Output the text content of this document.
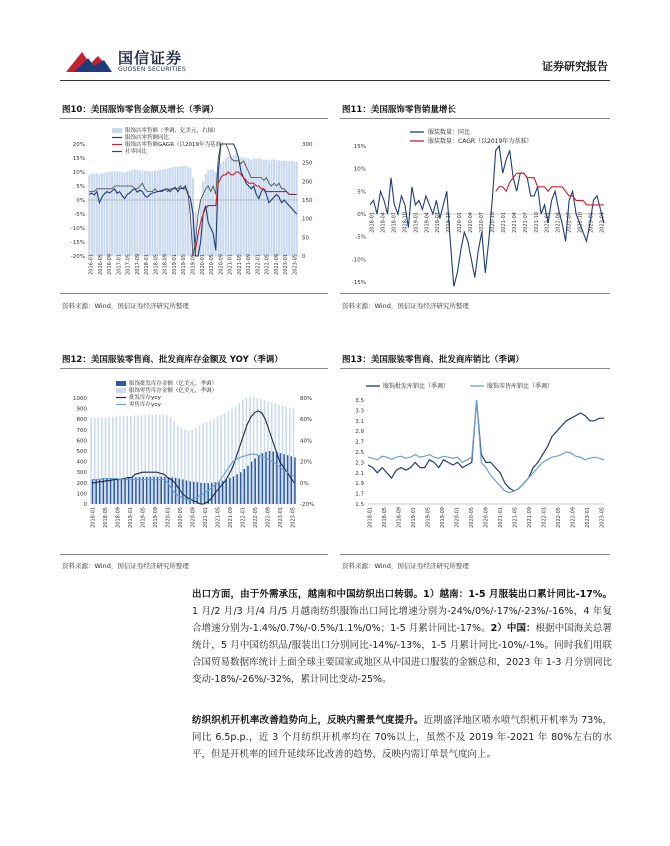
国信证券
GUOSEN SECURITIES	证券研究报告
图10：美国服饰零售金额及增长（季调）
20%
15%
10%
5%
0%
-5%
-10%
-15%
-20%
300
250
200
150
100
50
0
2016-01 2016-05 2016-09 2017-01 2017-05 2017-09 2018-01 2018-05 2018-09 2019-01 2019-05 2019-09 2020-01 2020-05 2020-09 2021-01 2021-05 2021-09 2022-01 2022-05 2022-09 2023-01 2023-05
服饰店零售额（季调，亿美元，右轴）
服饰店零售额同比
服饰店零售额GAGR（以2019年为基准）
社零同比
资料来源：Wind，国信证券经济研究所整理
图11：美国服饰零售销量增长
15%
10%
5%
0%
-5%
-10%
-15%
2018-01 2018-04 2018-07 2018-10 2019-01 2019-04 2019-07 2019-10 2020-01 2020-04 2020-07 2020-10 2021-01 2021-04 2021-07 2021-10 2022-01 2022-04 2022-07 2022-10 2023-01 2023-04
服装数量：同比
服装数量：CAGR（以2019年为基准）
资料来源：Wind，国信证券经济研究所整理
图12：美国服装零售商、批发商库存金额及 YOY（季调）
1000
900
800
700
600
500
400
300
200
100
0
80%
60%
40%
20%
0%
-20%
2018-01 2018-05 2018-09 2019-01 2019-05 2019-09 2020-01 2020-05 2020-09 2021-01 2021-05 2021-09 2022-01 2022-05 2022-09 2023-01 2023-05
服饰批发库存金额（亿美元，季调）
服饰零售库存金额（亿美元，季调）
批发库存yoy
零售库存yoy
资料来源：Wind，国信证券经济研究所整理
图13：美国服装零售商、批发商库销比（季调）
3.5
3.3
3.1
2.9
2.7
2.5
2.3
2.1
1.9
1.7
1.5
2018-01 2018-05 2018-09 2019-01 2019-05 2019-09 2020-01 2020-05 2020-09 2021-01 2021-05 2021-09 2022-01 2022-05 2022-09 2023-01 2023-05
服饰批发库销比（季调）	服饰零售库销比（季调）
资料来源：Wind，国信证券经济研究所整理
出口方面，由于外需承压，越南和中国纺织出口转弱。1）越南：1-5 月服装出口累计同比-17%。1 月/2 月/3 月/4 月/5 月越南纺织服饰出口同比增速分别为-24%/0%/-17%/-23%/-16%，4 年复合增速分别为-1.4%/0.7%/-0.5%/1.1%/0%；1-5 月累计同比-17%。2）中国：根据中国海关总署统计，5 月中国纺织品/服装出口分别同比-14%/-13%，1-5 月累计同比-10%/-1%。同时我们用联合国贸易数据库统计上面全球主要国家或地区从中国进口服装的金额总和，2023 年 1-3 月分别同比变动-18%/-26%/-32%，累计同比变动-25%。
纺织织机开机率改善趋势向上，反映内需景气度提升。近期盛泽地区喷水喷气织机开机率为 73%，同比 6.5p.p.，近 3 个月纺织开机率均在 70%以上，虽然不及 2019 年-2021 年 80%左右的水平，但是开机率的回升延续环比改善的趋势，反映内需订单景气度向上。
